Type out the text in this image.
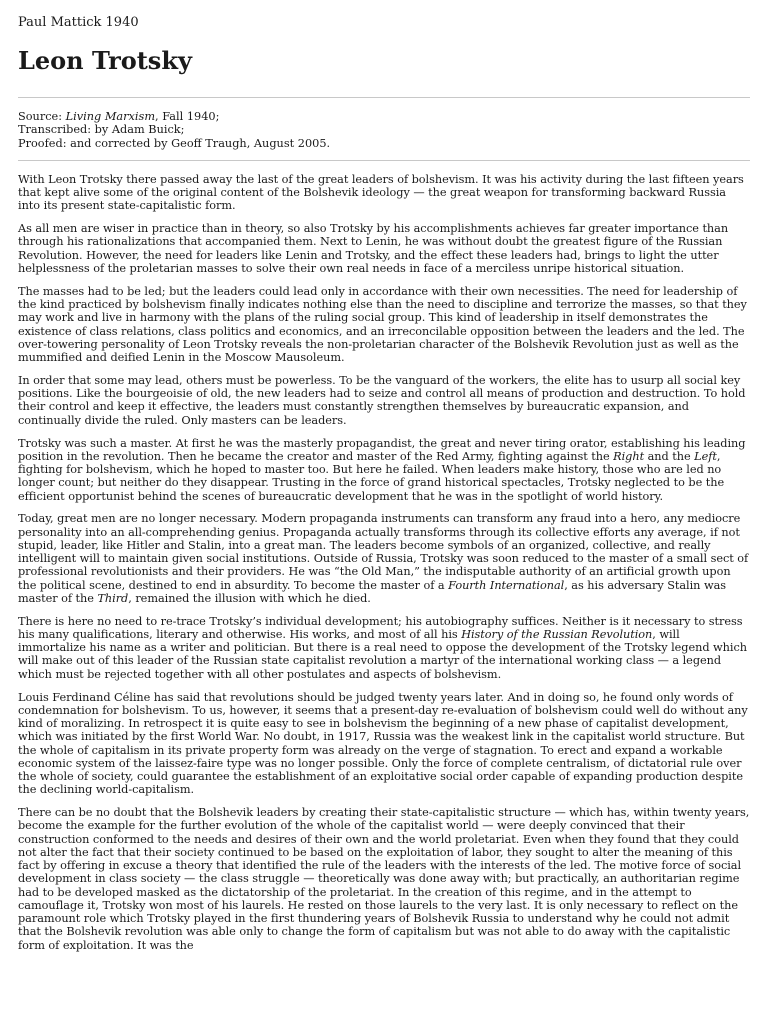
Paul Mattick 1940

Leon Trotsky
Source: Living Marxism, Fall 1940;
Transcribed: by Adam Buick;
Proofed: and corrected by Geoff Traugh, August 2005.

With Leon Trotsky there passed away the last of the great leaders of bolshevism. It was his activity during the last fifteen years that kept alive some of the original content of the Bolshevik ideology — the great weapon for transforming backward Russia into its present state-capitalistic form.

As all men are wiser in practice than in theory, so also Trotsky by his accomplishments achieves far greater importance than through his rationalizations that accompanied them. Next to Lenin, he was without doubt the greatest figure of the Russian Revolution. However, the need for leaders like Lenin and Trotsky, and the effect these leaders had, brings to light the utter helplessness of the proletarian masses to solve their own real needs in face of a merciless unripe historical situation.

The masses had to be led; but the leaders could lead only in accordance with their own necessities. The need for leadership of the kind practiced by bolshevism finally indicates nothing else than the need to discipline and terrorize the masses, so that they may work and live in harmony with the plans of the ruling social group. This kind of leadership in itself demonstrates the existence of class relations, class politics and economics, and an irreconcilable opposition between the leaders and the led. The over-towering personality of Leon Trotsky reveals the non-proletarian character of the Bolshevik Revolution just as well as the mummified and deified Lenin in the Moscow Mausoleum.

In order that some may lead, others must be powerless. To be the vanguard of the workers, the elite has to usurp all social key positions. Like the bourgeoisie of old, the new leaders had to seize and control all means of production and destruction. To hold their control and keep it effective, the leaders must constantly strengthen themselves by bureaucratic expansion, and continually divide the ruled. Only masters can be leaders.

Trotsky was such a master. At first he was the masterly propagandist, the great and never tiring orator, establishing his leading position in the revolution. Then he became the creator and master of the Red Army, fighting against the Right and the Left, fighting for bolshevism, which he hoped to master too. But here he failed. When leaders make history, those who are led no longer count; but neither do they disappear. Trusting in the force of grand historical spectacles, Trotsky neglected to be the efficient opportunist behind the scenes of bureaucratic development that he was in the spotlight of world history.

Today, great men are no longer necessary. Modern propaganda instruments can transform any fraud into a hero, any mediocre personality into an all-comprehending genius. Propaganda actually transforms through its collective efforts any average, if not stupid, leader, like Hitler and Stalin, into a great man. The leaders become symbols of an organized, collective, and really intelligent will to maintain given social institutions. Outside of Russia, Trotsky was soon reduced to the master of a small sect of professional revolutionists and their providers. He was “the Old Man,” the indisputable authority of an artificial growth upon the political scene, destined to end in absurdity. To become the master of a Fourth International, as his adversary Stalin was master of the Third, remained the illusion with which he died.

There is here no need to re-trace Trotsky’s individual development; his autobiography suffices. Neither is it necessary to stress his many qualifications, literary and otherwise. His works, and most of all his History of the Russian Revolution, will immortalize his name as a writer and politician. But there is a real need to oppose the development of the Trotsky legend which will make out of this leader of the Russian state capitalist revolution a martyr of the international working class — a legend which must be rejected together with all other postulates and aspects of bolshevism.

Louis Ferdinand Céline has said that revolutions should be judged twenty years later. And in doing so, he found only words of condemnation for bolshevism. To us, however, it seems that a present-day re-evaluation of bolshevism could well do without any kind of moralizing. In retrospect it is quite easy to see in bolshevism the beginning of a new phase of capitalist development, which was initiated by the first World War. No doubt, in 1917, Russia was the weakest link in the capitalist world structure. But the whole of capitalism in its private property form was already on the verge of stagnation. To erect and expand a workable economic system of the laissez-faire type was no longer possible. Only the force of complete centralism, of dictatorial rule over the whole of society, could guarantee the establishment of an exploitative social order capable of expanding production despite the declining world-capitalism.

There can be no doubt that the Bolshevik leaders by creating their state-capitalistic structure — which has, within twenty years, become the example for the further evolution of the whole of the capitalist world — were deeply convinced that their construction conformed to the needs and desires of their own and the world proletariat. Even when they found that they could not alter the fact that their society continued to be based on the exploitation of labor, they sought to alter the meaning of this fact by offering in excuse a theory that identified the rule of the leaders with the interests of the led. The motive force of social development in class society — the class struggle — theoretically was done away with; but practically, an authoritarian regime had to be developed masked as the dictatorship of the proletariat. In the creation of this regime, and in the attempt to camouflage it, Trotsky won most of his laurels. He rested on those laurels to the very last. It is only necessary to reflect on the paramount role which Trotsky played in the first thundering years of Bolshevik Russia to understand why he could not admit that the Bolshevik revolution was able only to change the form of capitalism but was not able to do away with the capitalistic form of exploitation. It was the
